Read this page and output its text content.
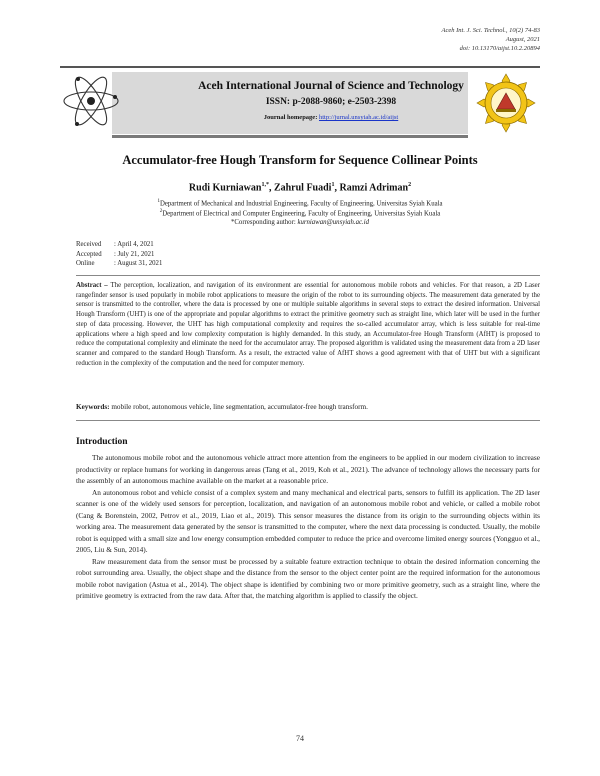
Aceh Int. J. Sci. Technol., 10(2) 74-83
August, 2021
doi: 10.13170/aijst.10.2.20894
Aceh International Journal of Science and Technology
ISSN: p-2088-9860; e-2503-2398
Journal homepage: http://jurnal.unsyiah.ac.id/aijst
Accumulator-free Hough Transform for Sequence Collinear Points
Rudi Kurniawan$^{1,*}$, Zahrul Fuadi$^1$, Ramzi Adriman$^2$
$^1$Department of Mechanical and Industrial Engineering, Faculty of Engineering, Universitas Syiah Kuala
$^2$Department of Electrical and Computer Engineering, Faculty of Engineering, Universitas Syiah Kuala
*Corresponding author: kurniawan@unsyiah.ac.id
Received : April 4, 2021
Accepted : July 21, 2021
Online	: August 31, 2021
Abstract – The perception, localization, and navigation of its environment are essential for autonomous mobile robots and vehicles. For that reason, a 2D Laser rangefinder sensor is used popularly in mobile robot applications to measure the origin of the robot to its surrounding objects. The measurement data generated by the sensor is transmitted to the controller, where the data is processed by one or multiple suitable algorithms in several steps to extract the desired information. Universal Hough Transform (UHT) is one of the appropriate and popular algorithms to extract the primitive geometry such as straight line, which later will be used in the further step of data processing. However, the UHT has high computational complexity and requires the so-called accumulator array, which is less suitable for real-time applications where a high speed and low complexity computation is highly demanded. In this study, an Accumulator-free Hough Transform (AfHT) is proposed to reduce the computational complexity and eliminate the need for the accumulator array. The proposed algorithm is validated using the measurement data from a 2D laser scanner and compared to the standard Hough Transform. As a result, the extracted value of AfHT shows a good agreement with that of UHT but with a significant reduction in the complexity of the computation and the need for computer memory.
Keywords: mobile robot, autonomous vehicle, line segmentation, accumulator-free hough transform.
Introduction

The autonomous mobile robot and the autonomous vehicle attract more attention from the engineers to be applied in our modern civilization to increase productivity or replace humans for working in dangerous areas (Tang et al., 2019, Koh et al., 2021). The advance of technology allows the necessary parts for the assembly of an autonomous machine available on the market at a reasonable price.

An autonomous robot and vehicle consist of a complex system and many mechanical and electrical parts, sensors to fulfill its application. The 2D laser scanner is one of the widely used sensors for perception, localization, and navigation of an autonomous mobile robot and vehicle, or called a mobile robot (Cang & Borenstein, 2002, Petrov et al., 2019, Liao et al., 2019). This sensor measures the distance from its origin to the surrounding objects within its working area. The measurement data generated by the sensor is transmitted to the computer, where the next data processing is conducted. Usually, the mobile robot is equipped with a small size and low energy consumption embedded computer to reduce the price and overcome limited energy sources (Yongguo et al., 2005, Liu & Sun, 2014).

Raw measurement data from the sensor must be processed by a suitable feature extraction technique to obtain the desired information concerning the robot surrounding area. Usually, the object shape and the distance from the sensor to the object center point are the required information for the autonomous mobile robot navigation (Astua et al., 2014). The object shape is identified by combining two or more primitive geometry, such as a straight line, where the primitive geometry is extracted from the raw data. After that, the matching algorithm is applied to classify the object.

74
